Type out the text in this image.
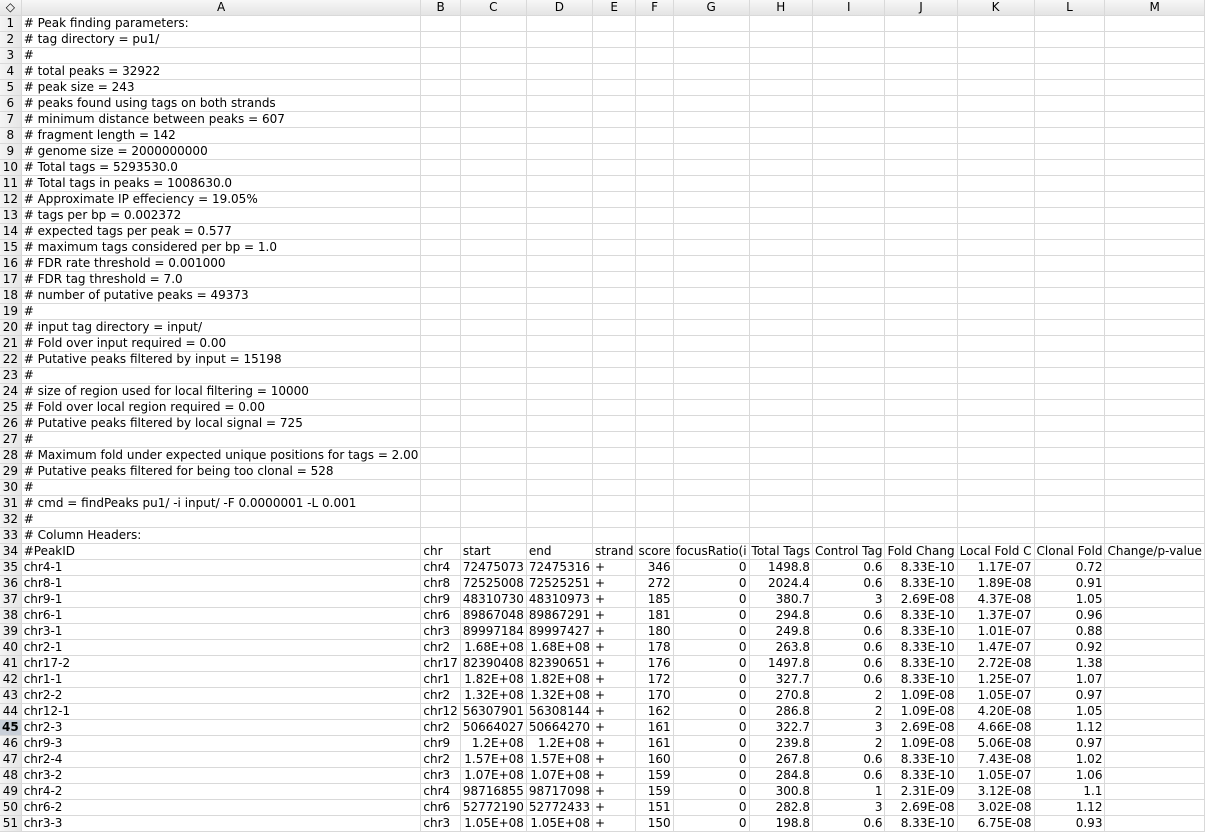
◇	A	B	C	D	E	F	G	H	I	J	K	L	M
1	# Peak finding parameters:												
2	# tag directory = pu1/												
3	#												
4	# total peaks = 32922												
5	# peak size = 243												
6	# peaks found using tags on both strands												
7	# minimum distance between peaks = 607												
8	# fragment length = 142												
9	# genome size = 2000000000												
10	# Total tags = 5293530.0												
11	# Total tags in peaks = 1008630.0												
12	# Approximate IP effeciency = 19.05%												
13	# tags per bp = 0.002372												
14	# expected tags per peak = 0.577												
15	# maximum tags considered per bp = 1.0												
16	# FDR rate threshold = 0.001000												
17	# FDR tag threshold = 7.0												
18	# number of putative peaks = 49373												
19	#												
20	# input tag directory = input/												
21	# Fold over input required = 0.00												
22	# Putative peaks filtered by input = 15198												
23	#												
24	# size of region used for local filtering = 10000												
25	# Fold over local region required = 0.00												
26	# Putative peaks filtered by local signal = 725												
27	#												
28	# Maximum fold under expected unique positions for tags = 2.00												
29	# Putative peaks filtered for being too clonal = 528												
30	#												
31	# cmd = findPeaks pu1/ -i input/ -F 0.0000001 -L 0.001												
32	#												
33	# Column Headers:												
34	#PeakID	chr	start	end	strand	score	focusRatio(i	Total Tags	Control Tag	Fold Chang	Local Fold C	Clonal Fold	Change/p-value
35	chr4-1	chr4	72475073	72475316	+	346	0	1498.8	0.6	8.33E-10	1.17E-07	0.72	
36	chr8-1	chr8	72525008	72525251	+	272	0	2024.4	0.6	8.33E-10	1.89E-08	0.91	
37	chr9-1	chr9	48310730	48310973	+	185	0	380.7	3	2.69E-08	4.37E-08	1.05	
38	chr6-1	chr6	89867048	89867291	+	181	0	294.8	0.6	8.33E-10	1.37E-07	0.96	
39	chr3-1	chr3	89997184	89997427	+	180	0	249.8	0.6	8.33E-10	1.01E-07	0.88	
40	chr2-1	chr2	1.68E+08	1.68E+08	+	178	0	263.8	0.6	8.33E-10	1.47E-07	0.92	
41	chr17-2	chr17	82390408	82390651	+	176	0	1497.8	0.6	8.33E-10	2.72E-08	1.38	
42	chr1-1	chr1	1.82E+08	1.82E+08	+	172	0	327.7	0.6	8.33E-10	1.25E-07	1.07	
43	chr2-2	chr2	1.32E+08	1.32E+08	+	170	0	270.8	2	1.09E-08	1.05E-07	0.97	
44	chr12-1	chr12	56307901	56308144	+	162	0	286.8	2	1.09E-08	4.20E-08	1.05	
45	chr2-3	chr2	50664027	50664270	+	161	0	322.7	3	2.69E-08	4.66E-08	1.12	
46	chr9-3	chr9	1.2E+08	1.2E+08	+	161	0	239.8	2	1.09E-08	5.06E-08	0.97	
47	chr2-4	chr2	1.57E+08	1.57E+08	+	160	0	267.8	0.6	8.33E-10	7.43E-08	1.02	
48	chr3-2	chr3	1.07E+08	1.07E+08	+	159	0	284.8	0.6	8.33E-10	1.05E-07	1.06	
49	chr4-2	chr4	98716855	98717098	+	159	0	300.8	1	2.31E-09	3.12E-08	1.1	
50	chr6-2	chr6	52772190	52772433	+	151	0	282.8	3	2.69E-08	3.02E-08	1.12	
51	chr3-3	chr3	1.05E+08	1.05E+08	+	150	0	198.8	0.6	8.33E-10	6.75E-08	0.93	
